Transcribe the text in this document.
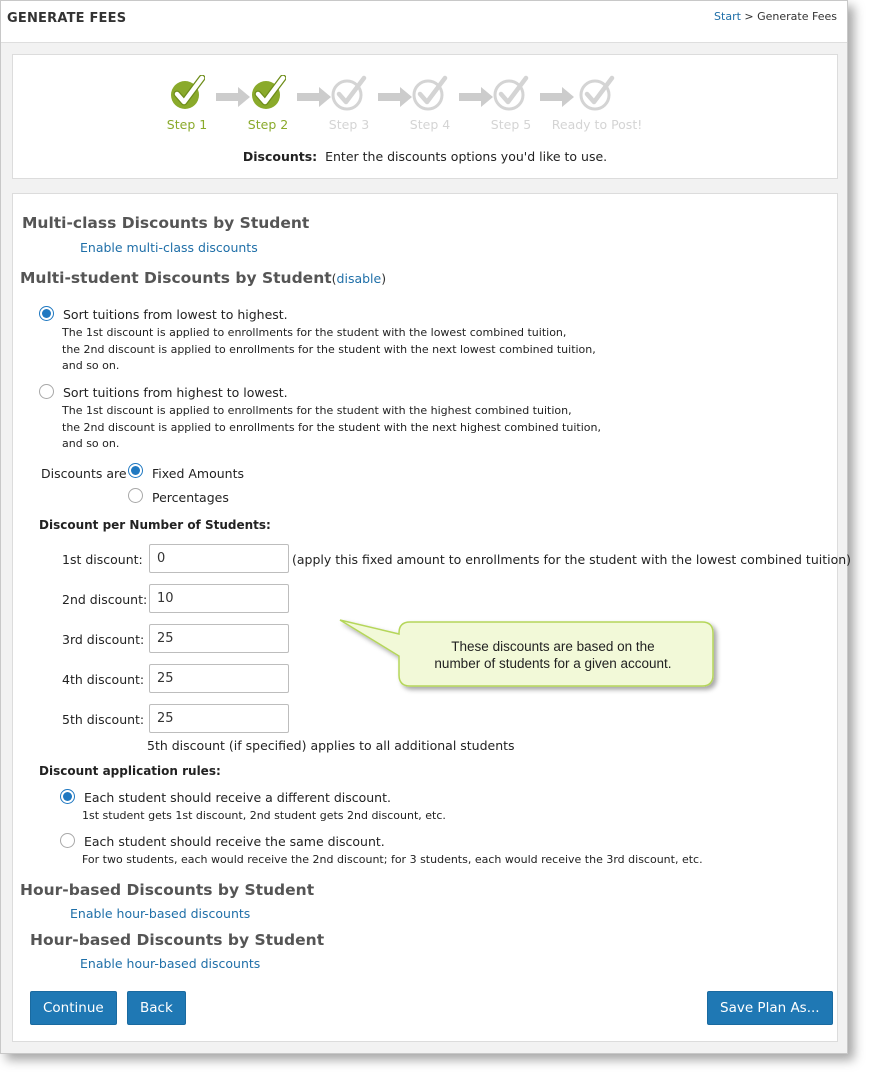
GENERATE FEES	Start > Generate Fees
Step 1	Step 2	Step 3	Step 4	Step 5	Ready to Post!
Discounts: Enter the discounts options you'd like to use.
Multi-class Discounts by Student
Enable multi-class discounts
Multi-student Discounts by Student(disable)
Sort tuitions from lowest to highest.
The 1st discount is applied to enrollments for the student with the lowest combined tuition,
the 2nd discount is applied to enrollments for the student with the next lowest combined tuition,
and so on.
Sort tuitions from highest to lowest.
The 1st discount is applied to enrollments for the student with the highest combined tuition,
the 2nd discount is applied to enrollments for the student with the next highest combined tuition,
and so on.
Discounts are Fixed Amounts
Percentages
Discount per Number of Students:
1st discount:
0	(apply this fixed amount to enrollments for the student with the lowest combined tuition)
2nd discount:
10
3rd discount:
25
4th discount:
25
5th discount:
25
5th discount (if specified) applies to all additional students
Discount application rules:
Each student should receive a different discount.
1st student gets 1st discount, 2nd student gets 2nd discount, etc.
Each student should receive the same discount.
For two students, each would receive the 2nd discount; for 3 students, each would receive the 3rd discount, etc.
Hour-based Discounts by Student
Enable hour-based discounts
Hour-based Discounts by Student
Enable hour-based discounts
Continue	Back	Save Plan As...
These discounts are based on the
number of students for a given account.
